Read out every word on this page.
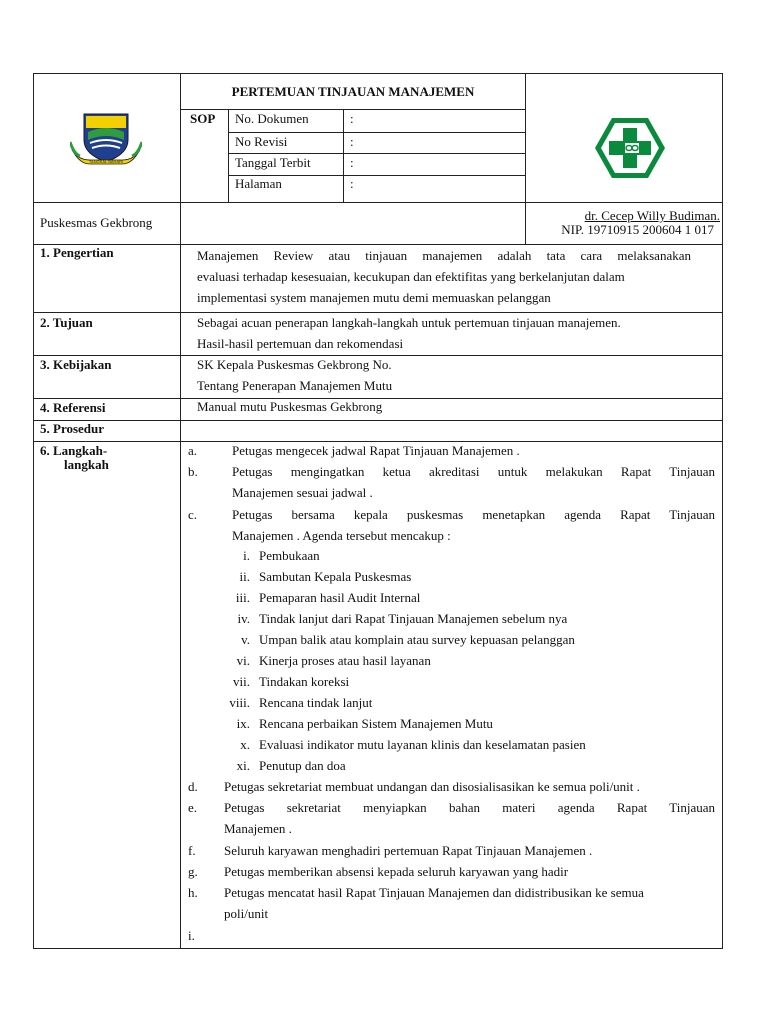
TANGKAL BAHARI
PERTEMUAN TINJAUAN MANAJEMEN
SOP No. Dokumen	:
No Revisi	:
Tanggal Terbit	:
Halaman	:
Puskesmas Gekbrong	dr. Cecep Willy Budiman.
NIP. 19710915 200604 1 017
1. Pengertian	Manajemen Review atau tinjauan manajemen adalah tata cara melaksanakan
evaluasi terhadap kesesuaian, kecukupan dan efektifitas yang berkelanjutan dalam
implementasi system manajemen mutu demi memuaskan pelanggan
2. Tujuan	Sebagai acuan penerapan langkah-langkah untuk pertemuan tinjauan manajemen.
Hasil-hasil pertemuan dan rekomendasi
3. Kebijakan	SK Kepala Puskesmas Gekbrong No.
Tentang Penerapan Manajemen Mutu
4. Referensi	Manual mutu Puskesmas Gekbrong
5. Prosedur
6. Langkah-
langkah
a.	Petugas mengecek jadwal Rapat Tinjauan Manajemen .
b.	Petugas mengingatkan ketua akreditasi untuk melakukan Rapat Tinjauan
Manajemen sesuai jadwal .
c.	Petugas bersama kepala puskesmas menetapkan agenda Rapat Tinjauan
Manajemen . Agenda tersebut mencakup :
i. Pembukaan
ii. Sambutan Kepala Puskesmas
iii. Pemaparan hasil Audit Internal
iv. Tindak lanjut dari Rapat Tinjauan Manajemen sebelum nya
v. Umpan balik atau komplain atau survey kepuasan pelanggan
vi. Kinerja proses atau hasil layanan
vii. Tindakan koreksi
viii. Rencana tindak lanjut
ix. Rencana perbaikan Sistem Manajemen Mutu
x. Evaluasi indikator mutu layanan klinis dan keselamatan pasien
xi. Penutup dan doa
d. Petugas sekretariat membuat undangan dan disosialisasikan ke semua poli/unit .
e. Petugas sekretariat menyiapkan bahan materi agenda Rapat Tinjauan
Manajemen .
f. Seluruh karyawan menghadiri pertemuan Rapat Tinjauan Manajemen .
g. Petugas memberikan absensi kepada seluruh karyawan yang hadir
h. Petugas mencatat hasil Rapat Tinjauan Manajemen dan didistribusikan ke semua
poli/unit
i.
